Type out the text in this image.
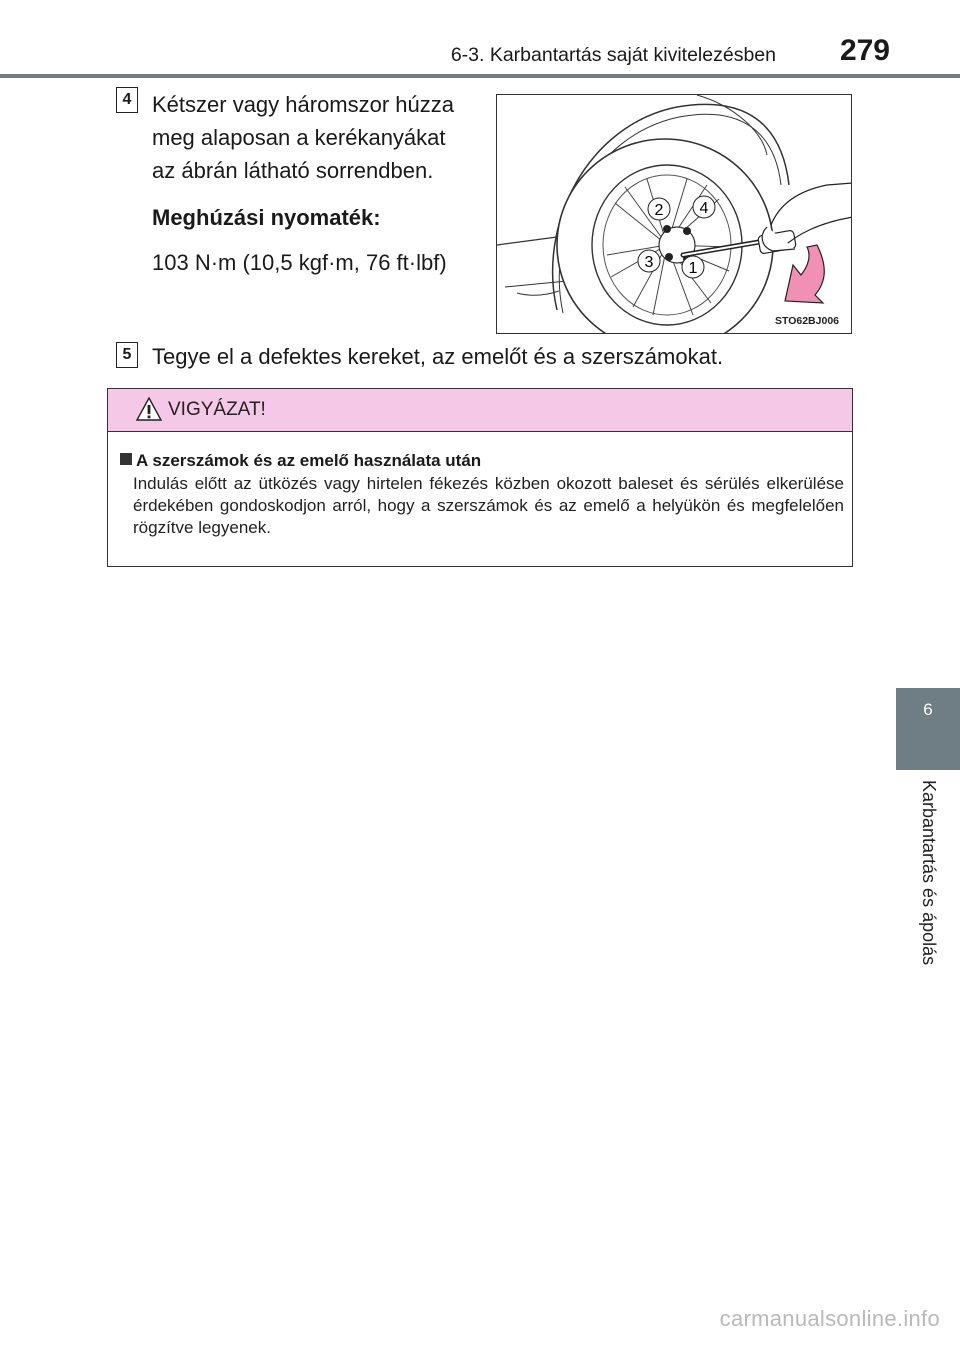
6-3. Karbantartás saját kivitelezésben	279
4 Kétszer vagy háromszor húzza
meg alaposan a kerékanyákat
az ábrán látható sorrendben.
Meghúzási nyomaték:
103 N·m (10,5 kgf·m, 76 ft·lbf)	1
2
3
4
STO62BJ006
5 Tegye el a defektes kereket, az emelőt és a szerszámokat.
VIGYÁZAT!
A szerszámok és az emelő használata után
Indulás előtt az ütközés vagy hirtelen fékezés közben okozott baleset és sérülés elkerülése érdekében gondoskodjon arról, hogy a szerszámok és az emelő a helyükön és megfelelően rögzítve legyenek.
6
Karbantartás és ápolás
carmanualsonline.info
